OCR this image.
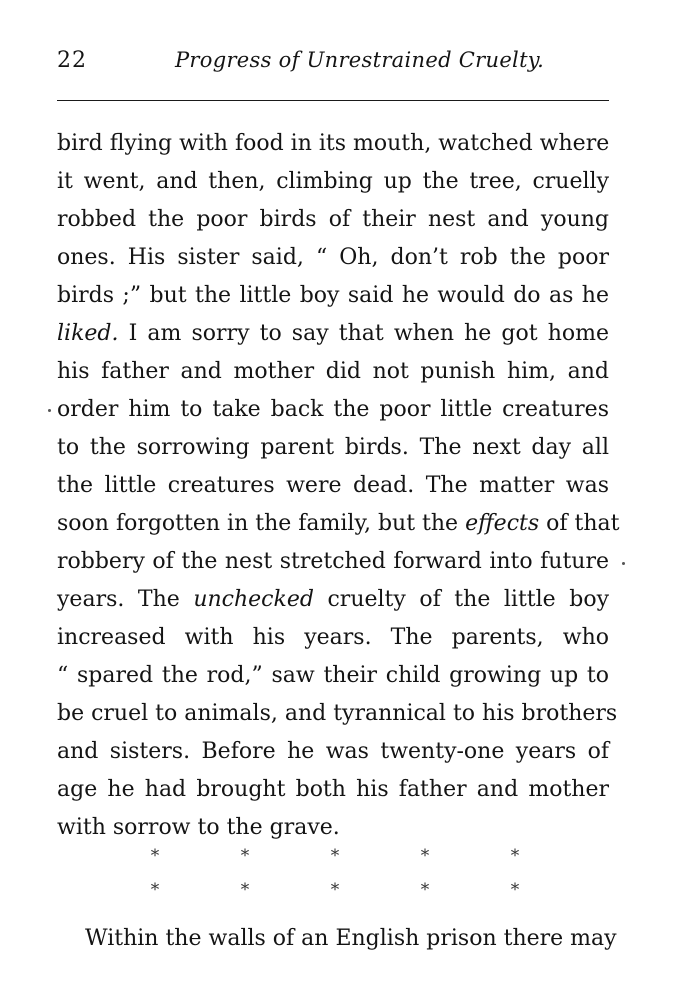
22	Progress of Unrestrained Cruelty.
bird flying with food in its mouth, watched where
it went, and then, climbing up the tree, cruelly
robbed the poor birds of their nest and young
ones. His sister said, “ Oh, don’t rob the poor
birds ;” but the little boy said he would do as he
liked. I am sorry to say that when he got home
his father and mother did not punish him, and
order him to take back the poor little creatures
to the sorrowing parent birds. The next day all
the little creatures were dead. The matter was
soon forgotten in the family, but the effects of that
robbery of the nest stretched forward into future
years. The unchecked cruelty of the little boy
increased with his years. The parents, who
“ spared the rod,” saw their child growing up to
be cruel to animals, and tyrannical to his brothers
and sisters. Before he was twenty-one years of
age he had brought both his father and mother
with sorrow to the grave.
*	*	*	*	*
*	*	*	*	*
Within the walls of an English prison there may
